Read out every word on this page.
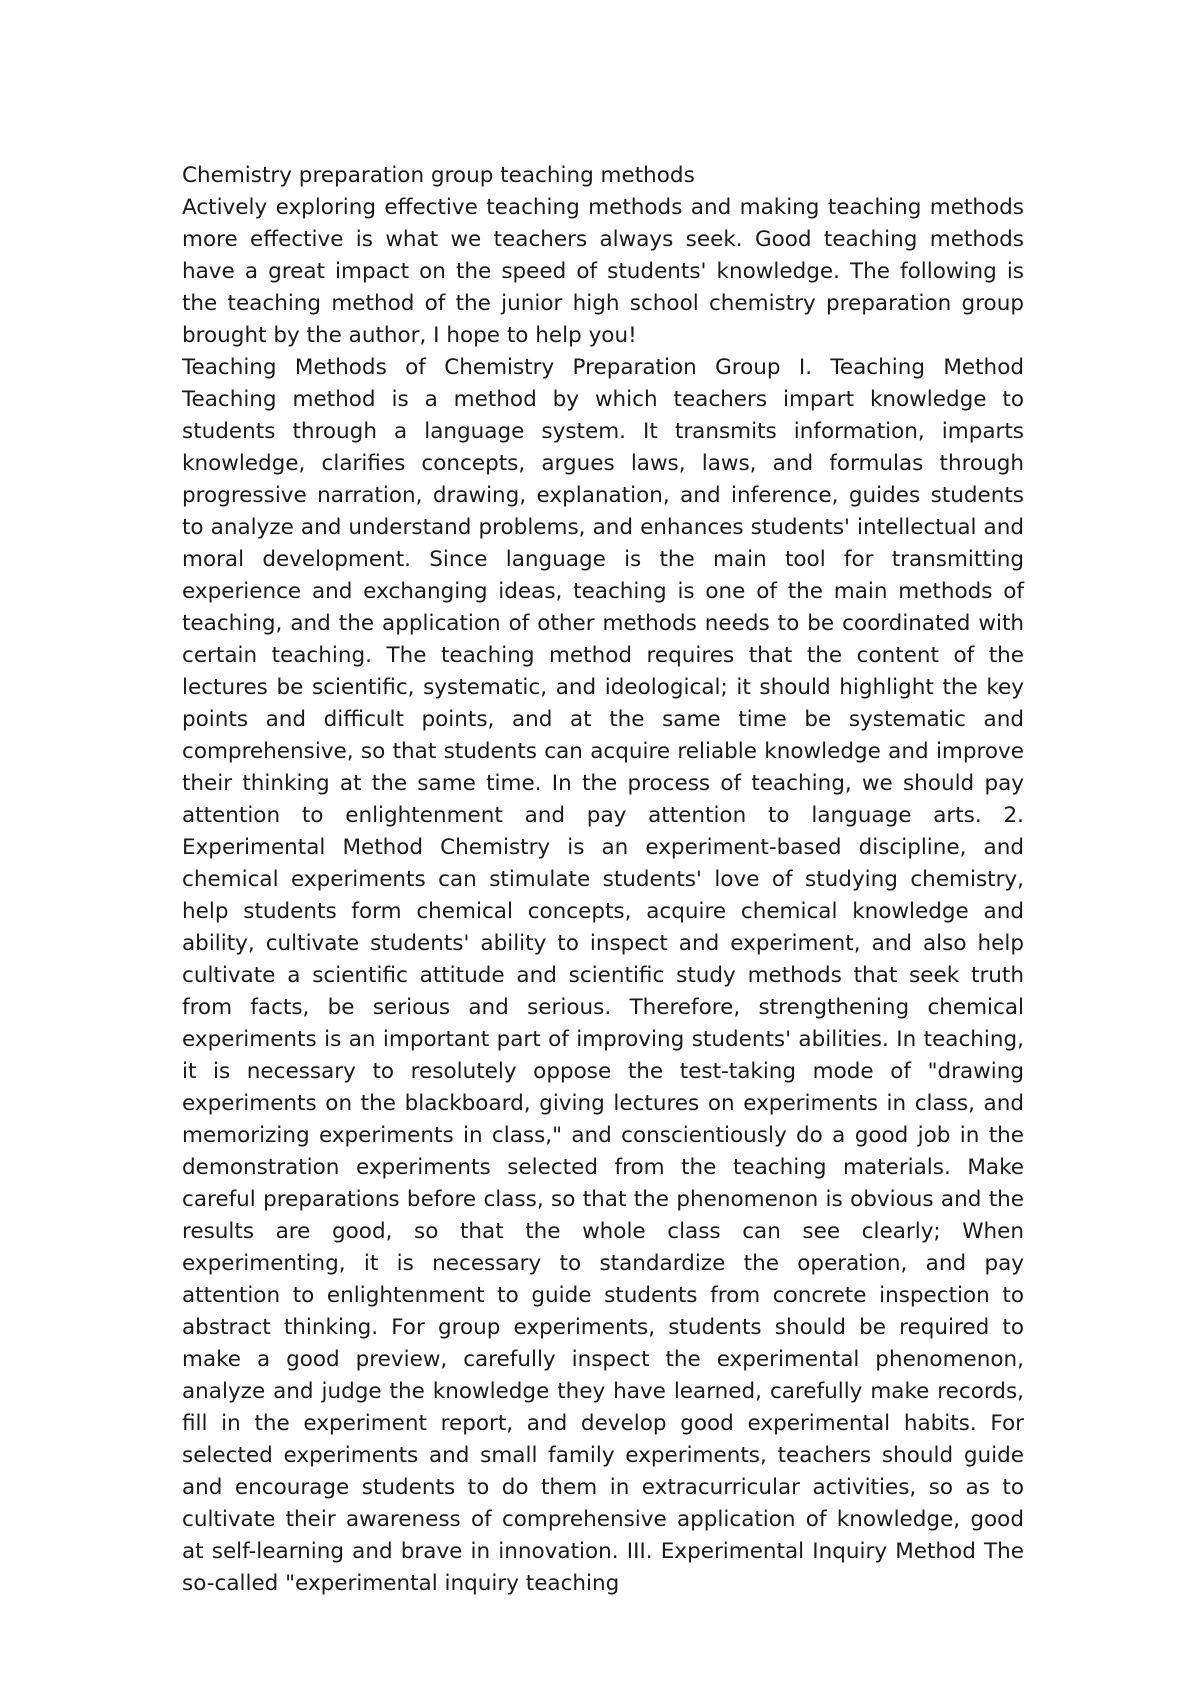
Chemistry preparation group teaching methods

Actively exploring effective teaching methods and making teaching methods more effective is what we teachers always seek. Good teaching methods have a great impact on the speed of students' knowledge. The following is the teaching method of the junior high school chemistry preparation group brought by the author, I hope to help you!

Teaching Methods of Chemistry Preparation Group I. Teaching Method Teaching method is a method by which teachers impart knowledge to students through a language system. It transmits information, imparts knowledge, clarifies concepts, argues laws, laws, and formulas through progressive narration, drawing, explanation, and inference, guides students to analyze and understand problems, and enhances students' intellectual and moral development. Since language is the main tool for transmitting experience and exchanging ideas, teaching is one of the main methods of teaching, and the application of other methods needs to be coordinated with certain teaching. The teaching method requires that the content of the lectures be scientific, systematic, and ideological; it should highlight the key points and difficult points, and at the same time be systematic and comprehensive, so that students can acquire reliable knowledge and improve their thinking at the same time. In the process of teaching, we should pay attention to enlightenment and pay attention to language arts. 2. Experimental Method Chemistry is an experiment-based discipline, and chemical experiments can stimulate students' love of studying chemistry, help students form chemical concepts, acquire chemical knowledge and ability, cultivate students' ability to inspect and experiment, and also help cultivate a scientific attitude and scientific study methods that seek truth from facts, be serious and serious. Therefore, strengthening chemical experiments is an important part of improving students' abilities. In teaching, it is necessary to resolutely oppose the test-taking mode of "drawing experiments on the blackboard, giving lectures on experiments in class, and memorizing experiments in class," and conscientiously do a good job in the demonstration experiments selected from the teaching materials. Make careful preparations before class, so that the phenomenon is obvious and the results are good, so that the whole class can see clearly; When experimenting, it is necessary to standardize the operation, and pay attention to enlightenment to guide students from concrete inspection to abstract thinking. For group experiments, students should be required to make a good preview, carefully inspect the experimental phenomenon, analyze and judge the knowledge they have learned, carefully make records, fill in the experiment report, and develop good experimental habits. For selected experiments and small family experiments, teachers should guide and encourage students to do them in extracurricular activities, so as to cultivate their awareness of comprehensive application of knowledge, good at self-learning and brave in innovation. III. Experimental Inquiry Method The so-called "experimental inquiry teaching
